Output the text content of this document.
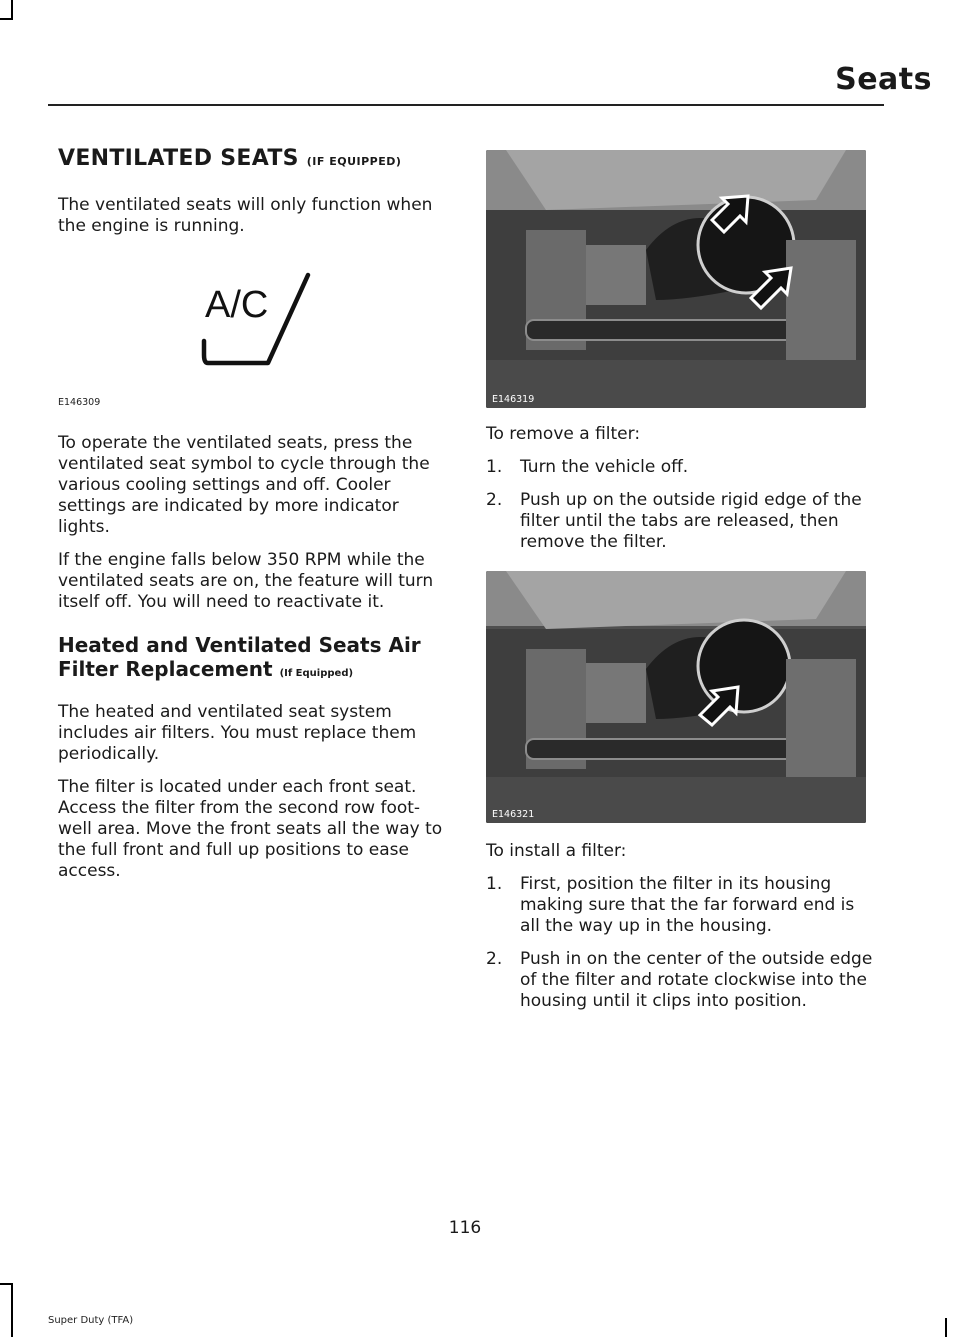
Seats
VENTILATED SEATS (IF EQUIPPED)

The ventilated seats will only function when the engine is running.

A/C
E146309

To operate the ventilated seats, press the ventilated seat symbol to cycle through the various cooling settings and off. Cooler settings are indicated by more indicator lights.

If the engine falls below 350 RPM while the ventilated seats are on, the feature will turn itself off. You will need to reactivate it.

Heated and Ventilated Seats Air Filter Replacement (If Equipped)

The heated and ventilated seat system includes air filters. You must replace them periodically.

The filter is located under each front seat. Access the filter from the second row foot-well area. Move the front seats all the way to the full front and full up positions to ease access.

E146319

To remove a filter:

1. Turn the vehicle off.
2. Push up on the outside rigid edge of the filter until the tabs are released, then remove the filter.
E146321

To install a filter:

1. First, position the filter in its housing making sure that the far forward end is all the way up in the housing.
2. Push in on the center of the outside edge of the filter and rotate clockwise into the housing until it clips into position.
116
Super Duty (TFA)
